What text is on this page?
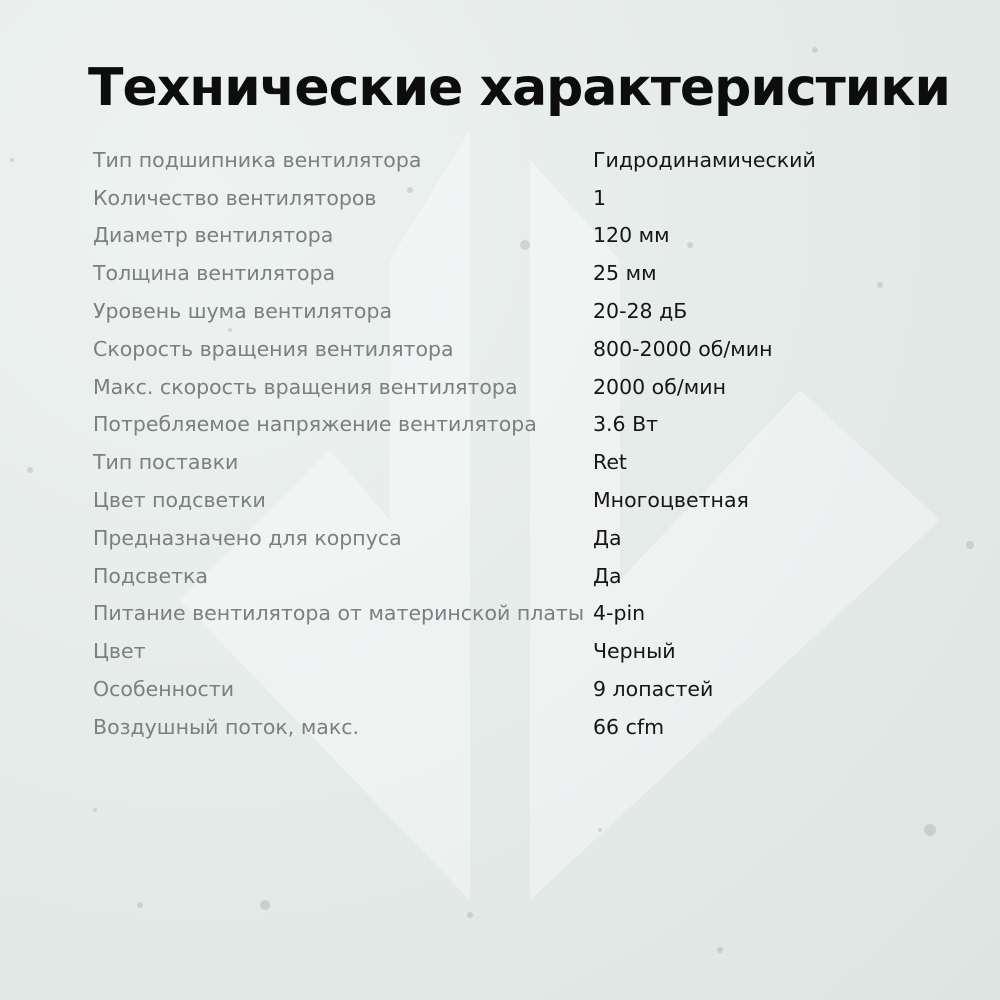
Технические характеристики
Тип подшипника вентилятора	Гидродинамический
Количество вентиляторов	1
Диаметр вентилятора	120 мм
Толщина вентилятора	25 мм
Уровень шума вентилятора	20-28 дБ
Скорость вращения вентилятора	800-2000 об/мин
Макс. скорость вращения вентилятора	2000 об/мин
Потребляемое напряжение вентилятора	3.6 Вт
Тип поставки	Ret
Цвет подсветки	Многоцветная
Предназначено для корпуса	Да
Подсветка	Да
Питание вентилятора от материнской платы 4-pin
Цвет	Черный
Особенности	9 лопастей
Воздушный поток, макс.	66 cfm
